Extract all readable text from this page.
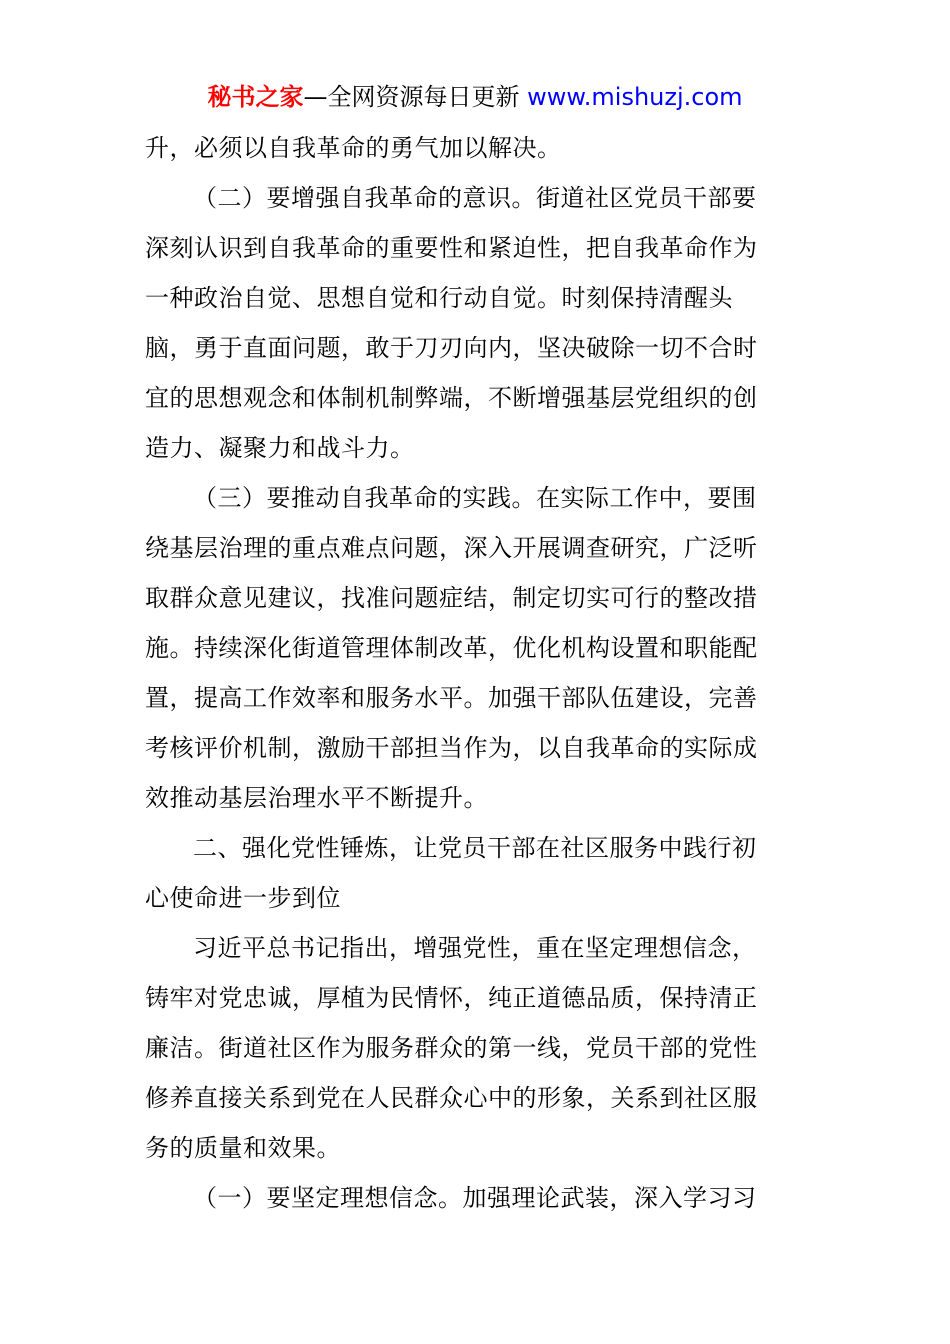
秘书之家—全网资源每日更新 www.mishuzj.com
升，必须以自我革命的勇气加以解决。
（二）要增强自我革命的意识。街道社区党员干部要
深刻认识到自我革命的重要性和紧迫性，把自我革命作为
一种政治自觉、思想自觉和行动自觉。时刻保持清醒头
脑，勇于直面问题，敢于刀刃向内，坚决破除一切不合时
宜的思想观念和体制机制弊端，不断增强基层党组织的创
造力、凝聚力和战斗力。
（三）要推动自我革命的实践。在实际工作中，要围
绕基层治理的重点难点问题，深入开展调查研究，广泛听
取群众意见建议，找准问题症结，制定切实可行的整改措
施。持续深化街道管理体制改革，优化机构设置和职能配
置，提高工作效率和服务水平。加强干部队伍建设，完善
考核评价机制，激励干部担当作为，以自我革命的实际成
效推动基层治理水平不断提升。
二、强化党性锤炼，让党员干部在社区服务中践行初
心使命进一步到位
习近平总书记指出，增强党性，重在坚定理想信念，
铸牢对党忠诚，厚植为民情怀，纯正道德品质，保持清正
廉洁。街道社区作为服务群众的第一线，党员干部的党性
修养直接关系到党在人民群众心中的形象，关系到社区服
务的质量和效果。
（一）要坚定理想信念。加强理论武装，深入学习习
